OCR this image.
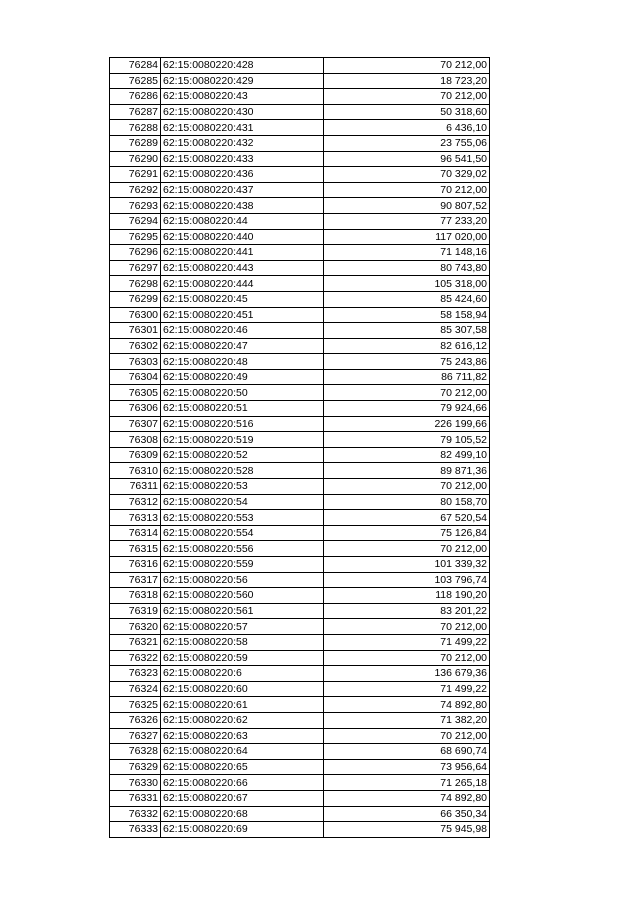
76284	62:15:0080220:428	70 212,00
76285	62:15:0080220:429	18 723,20
76286	62:15:0080220:43	70 212,00
76287	62:15:0080220:430	50 318,60
76288	62:15:0080220:431	6 436,10
76289	62:15:0080220:432	23 755,06
76290	62:15:0080220:433	96 541,50
76291	62:15:0080220:436	70 329,02
76292	62:15:0080220:437	70 212,00
76293	62:15:0080220:438	90 807,52
76294	62:15:0080220:44	77 233,20
76295	62:15:0080220:440	117 020,00
76296	62:15:0080220:441	71 148,16
76297	62:15:0080220:443	80 743,80
76298	62:15:0080220:444	105 318,00
76299	62:15:0080220:45	85 424,60
76300	62:15:0080220:451	58 158,94
76301	62:15:0080220:46	85 307,58
76302	62:15:0080220:47	82 616,12
76303	62:15:0080220:48	75 243,86
76304	62:15:0080220:49	86 711,82
76305	62:15:0080220:50	70 212,00
76306	62:15:0080220:51	79 924,66
76307	62:15:0080220:516	226 199,66
76308	62:15:0080220:519	79 105,52
76309	62:15:0080220:52	82 499,10
76310	62:15:0080220:528	89 871,36
76311	62:15:0080220:53	70 212,00
76312	62:15:0080220:54	80 158,70
76313	62:15:0080220:553	67 520,54
76314	62:15:0080220:554	75 126,84
76315	62:15:0080220:556	70 212,00
76316	62:15:0080220:559	101 339,32
76317	62:15:0080220:56	103 796,74
76318	62:15:0080220:560	118 190,20
76319	62:15:0080220:561	83 201,22
76320	62:15:0080220:57	70 212,00
76321	62:15:0080220:58	71 499,22
76322	62:15:0080220:59	70 212,00
76323	62:15:0080220:6	136 679,36
76324	62:15:0080220:60	71 499,22
76325	62:15:0080220:61	74 892,80
76326	62:15:0080220:62	71 382,20
76327	62:15:0080220:63	70 212,00
76328	62:15:0080220:64	68 690,74
76329	62:15:0080220:65	73 956,64
76330	62:15:0080220:66	71 265,18
76331	62:15:0080220:67	74 892,80
76332	62:15:0080220:68	66 350,34
76333	62:15:0080220:69	75 945,98
